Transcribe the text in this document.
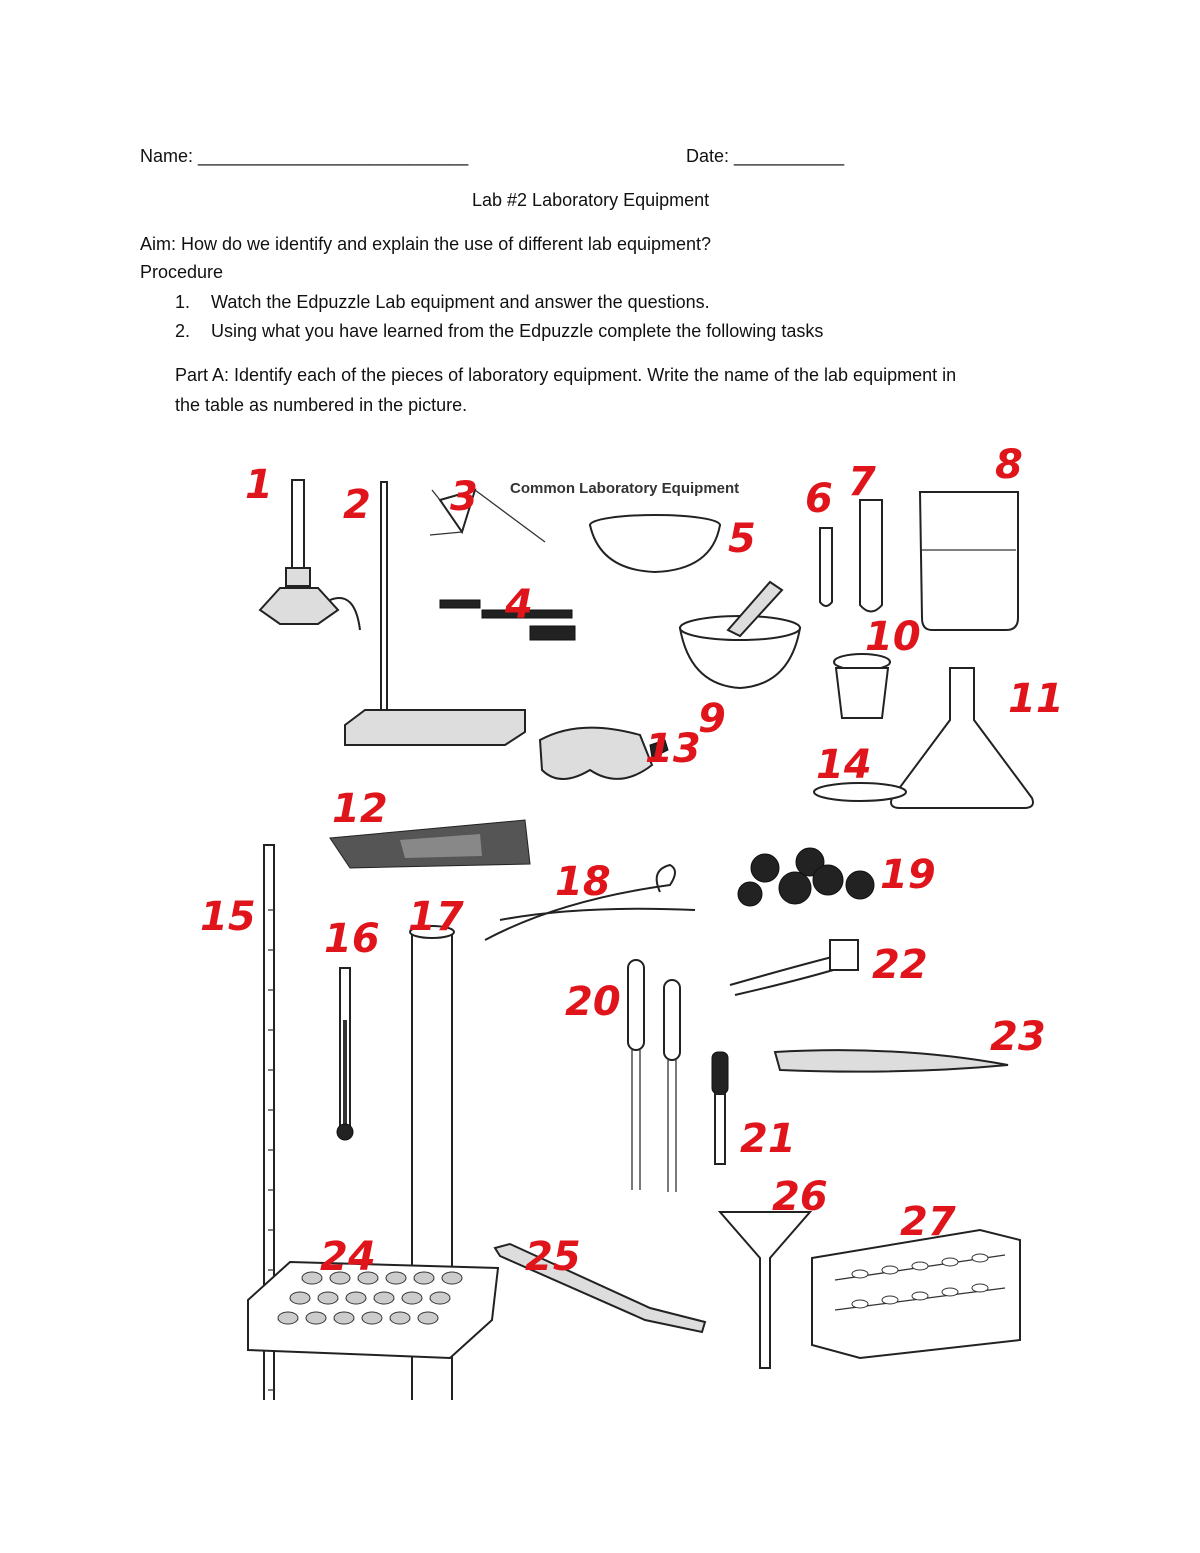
Name: ___________________________	Date: ___________
Lab #2 Laboratory Equipment
Aim: How do we identify and explain the use of different lab equipment?
Procedure
1. Watch the Edpuzzle Lab equipment and answer the questions.
2. Using what you have learned from the Edpuzzle complete the following tasks
Part A: Identify each of the pieces of laboratory equipment. Write the name of the lab equipment in
the table as numbered in the picture.
Common Laboratory Equipment
1 2 3
4
5
6 7	8
9
10
11
12
13	14
15 16 17
18	19
20
21
22
23
24	25
26
27
